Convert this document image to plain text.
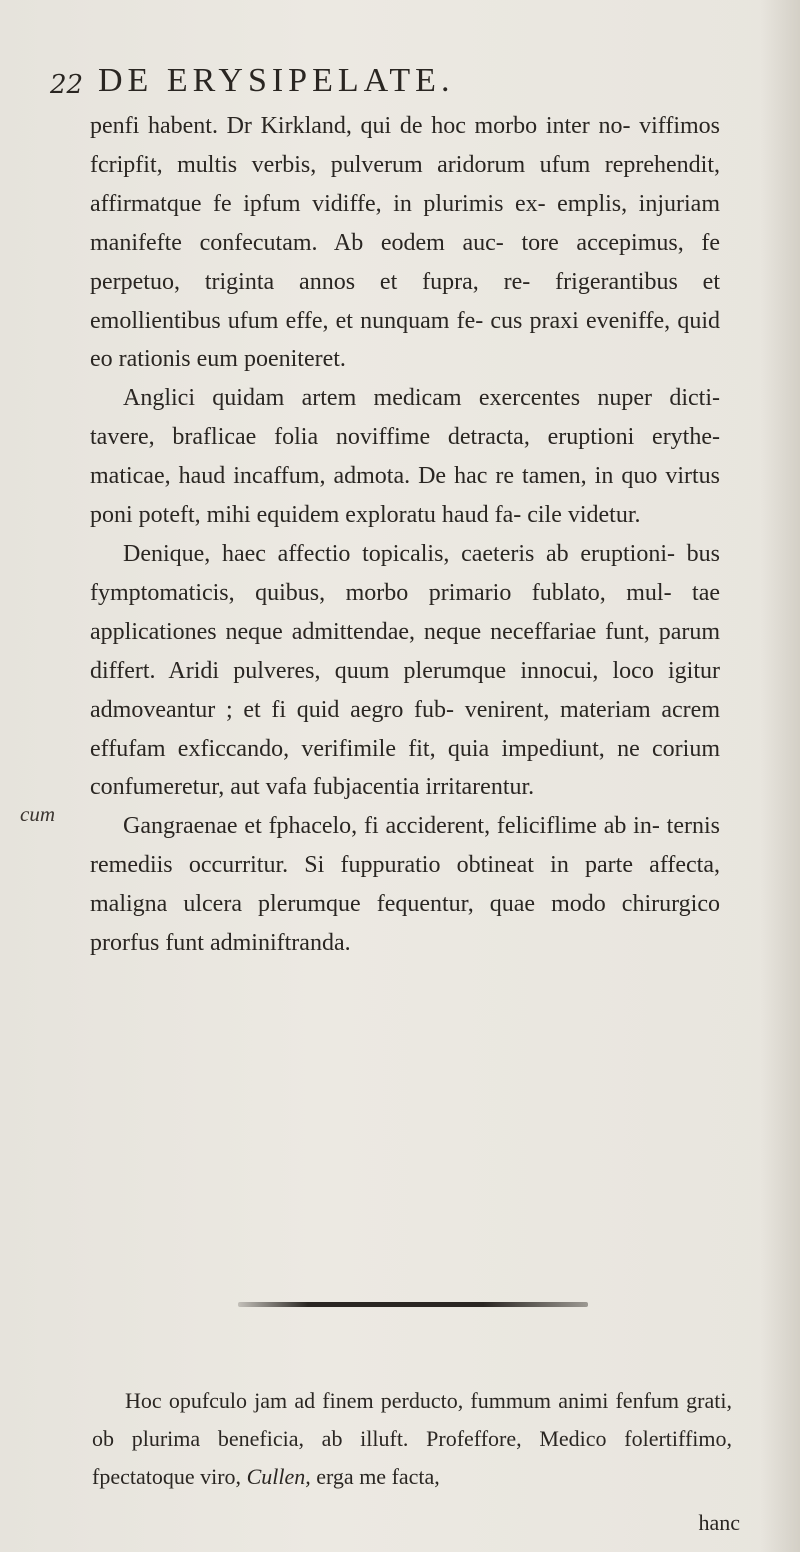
22 DE ERYSIPELATE.
cum

penfi habent. Dr Kirkland, qui de hoc morbo inter no- viffimos fcripfit, multis verbis, pulverum aridorum ufum reprehendit, affirmatque fe ipfum vidiffe, in plurimis ex- emplis, injuriam manifefte confecutam. Ab eodem auc- tore accepimus, fe perpetuo, triginta annos et fupra, re- frigerantibus et emollientibus ufum effe, et nunquam fe- cus praxi eveniffe, quid eo rationis eum poeniteret.

Anglici quidam artem medicam exercentes nuper dicti- tavere, braflicae folia noviffime detracta, eruptioni erythe- maticae, haud incaffum, admota. De hac re tamen, in quo virtus poni poteft, mihi equidem exploratu haud fa- cile videtur.

Denique, haec affectio topicalis, caeteris ab eruptioni- bus fymptomaticis, quibus, morbo primario fublato, mul- tae applicationes neque admittendae, neque neceffariae funt, parum differt. Aridi pulveres, quum plerumque innocui, loco igitur admoveantur ; et fi quid aegro fub- venirent, materiam acrem effufam exficcando, verifimile fit, quia impediunt, ne corium confumeretur, aut vafa fubjacentia irritarentur.

Gangraenae et fphacelo, fi acciderent, feliciflime ab in- ternis remediis occurritur. Si fuppuratio obtineat in parte affecta, maligna ulcera plerumque fequentur, quae modo chirurgico prorfus funt adminiftranda.

Hoc opufculo jam ad finem perducto, fummum animi fenfum grati, ob plurima beneficia, ab illuft. Profeffore, Medico folertiffimo, fpectatoque viro, Cullen, erga me facta,

hanc
